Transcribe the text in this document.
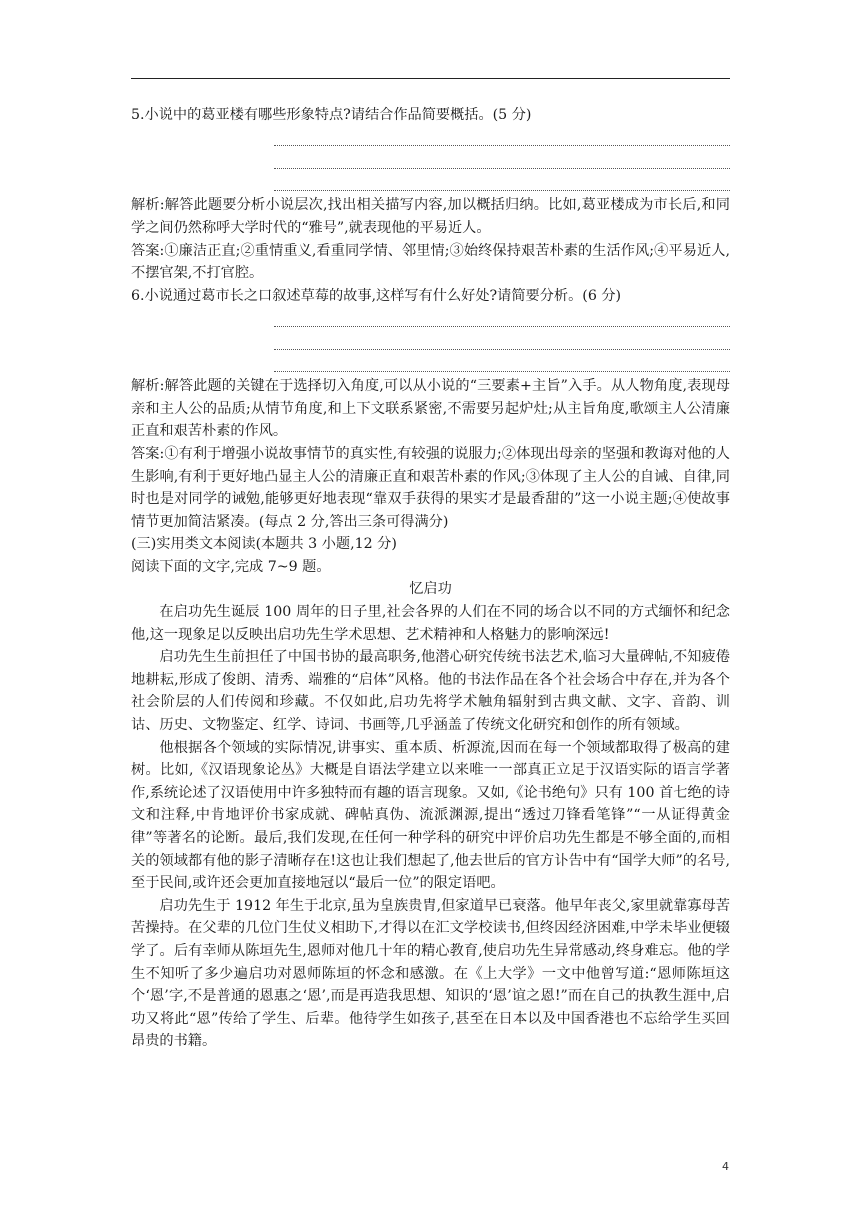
5.小说中的葛亚楼有哪些形象特点?请结合作品简要概括。(5 分)

解析:解答此题要分析小说层次,找出相关描写内容,加以概括归纳。比如,葛亚楼成为市长后,和同学之间仍然称呼大学时代的“雅号”,就表现他的平易近人。

答案:①廉洁正直;②重情重义,看重同学情、邻里情;③始终保持艰苦朴素的生活作风;④平易近人,不摆官架,不打官腔。

6.小说通过葛市长之口叙述草莓的故事,这样写有什么好处?请简要分析。(6 分)

解析:解答此题的关键在于选择切入角度,可以从小说的“三要素+主旨”入手。从人物角度,表现母亲和主人公的品质;从情节角度,和上下文联系紧密,不需要另起炉灶;从主旨角度,歌颂主人公清廉正直和艰苦朴素的作风。

答案:①有利于增强小说故事情节的真实性,有较强的说服力;②体现出母亲的坚强和教诲对他的人生影响,有利于更好地凸显主人公的清廉正直和艰苦朴素的作风;③体现了主人公的自诫、自律,同时也是对同学的诫勉,能够更好地表现“靠双手获得的果实才是最香甜的”这一小说主题;④使故事情节更加简洁紧凑。(每点 2 分,答出三条可得满分)

(三)实用类文本阅读(本题共 3 小题,12 分)

阅读下面的文字,完成 7~9 题。

忆启功

在启功先生诞辰 100 周年的日子里,社会各界的人们在不同的场合以不同的方式缅怀和纪念他,这一现象足以反映出启功先生学术思想、艺术精神和人格魅力的影响深远!

启功先生生前担任了中国书协的最高职务,他潜心研究传统书法艺术,临习大量碑帖,不知疲倦地耕耘,形成了俊朗、清秀、端雅的“启体”风格。他的书法作品在各个社会场合中存在,并为各个社会阶层的人们传阅和珍藏。不仅如此,启功先将学术触角辐射到古典文献、文字、音韵、训诂、历史、文物鉴定、红学、诗词、书画等,几乎涵盖了传统文化研究和创作的所有领域。

他根据各个领域的实际情况,讲事实、重本质、析源流,因而在每一个领域都取得了极高的建树。比如,《汉语现象论丛》大概是自语法学建立以来唯一一部真正立足于汉语实际的语言学著作,系统论述了汉语使用中许多独特而有趣的语言现象。又如,《论书绝句》只有 100 首七绝的诗文和注释,中肯地评价书家成就、碑帖真伪、流派渊源,提出“透过刀锋看笔锋”“一从证得黄金律”等著名的论断。最后,我们发现,在任何一种学科的研究中评价启功先生都是不够全面的,而相关的领域都有他的影子清晰存在!这也让我们想起了,他去世后的官方讣告中有“国学大师”的名号,至于民间,或许还会更加直接地冠以“最后一位”的限定语吧。

启功先生于 1912 年生于北京,虽为皇族贵胄,但家道早已衰落。他早年丧父,家里就靠寡母苦苦操持。在父辈的几位门生仗义相助下,才得以在汇文学校读书,但终因经济困难,中学未毕业便辍学了。后有幸师从陈垣先生,恩师对他几十年的精心教育,使启功先生异常感动,终身难忘。他的学生不知听了多少遍启功对恩师陈垣的怀念和感激。在《上大学》一文中他曾写道:“恩师陈垣这个‘恩’字,不是普通的恩惠之‘恩’,而是再造我思想、知识的‘恩’谊之恩!”而在自己的执教生涯中,启功又将此“恩”传给了学生、后辈。他待学生如孩子,甚至在日本以及中国香港也不忘给学生买回昂贵的书籍。

4
